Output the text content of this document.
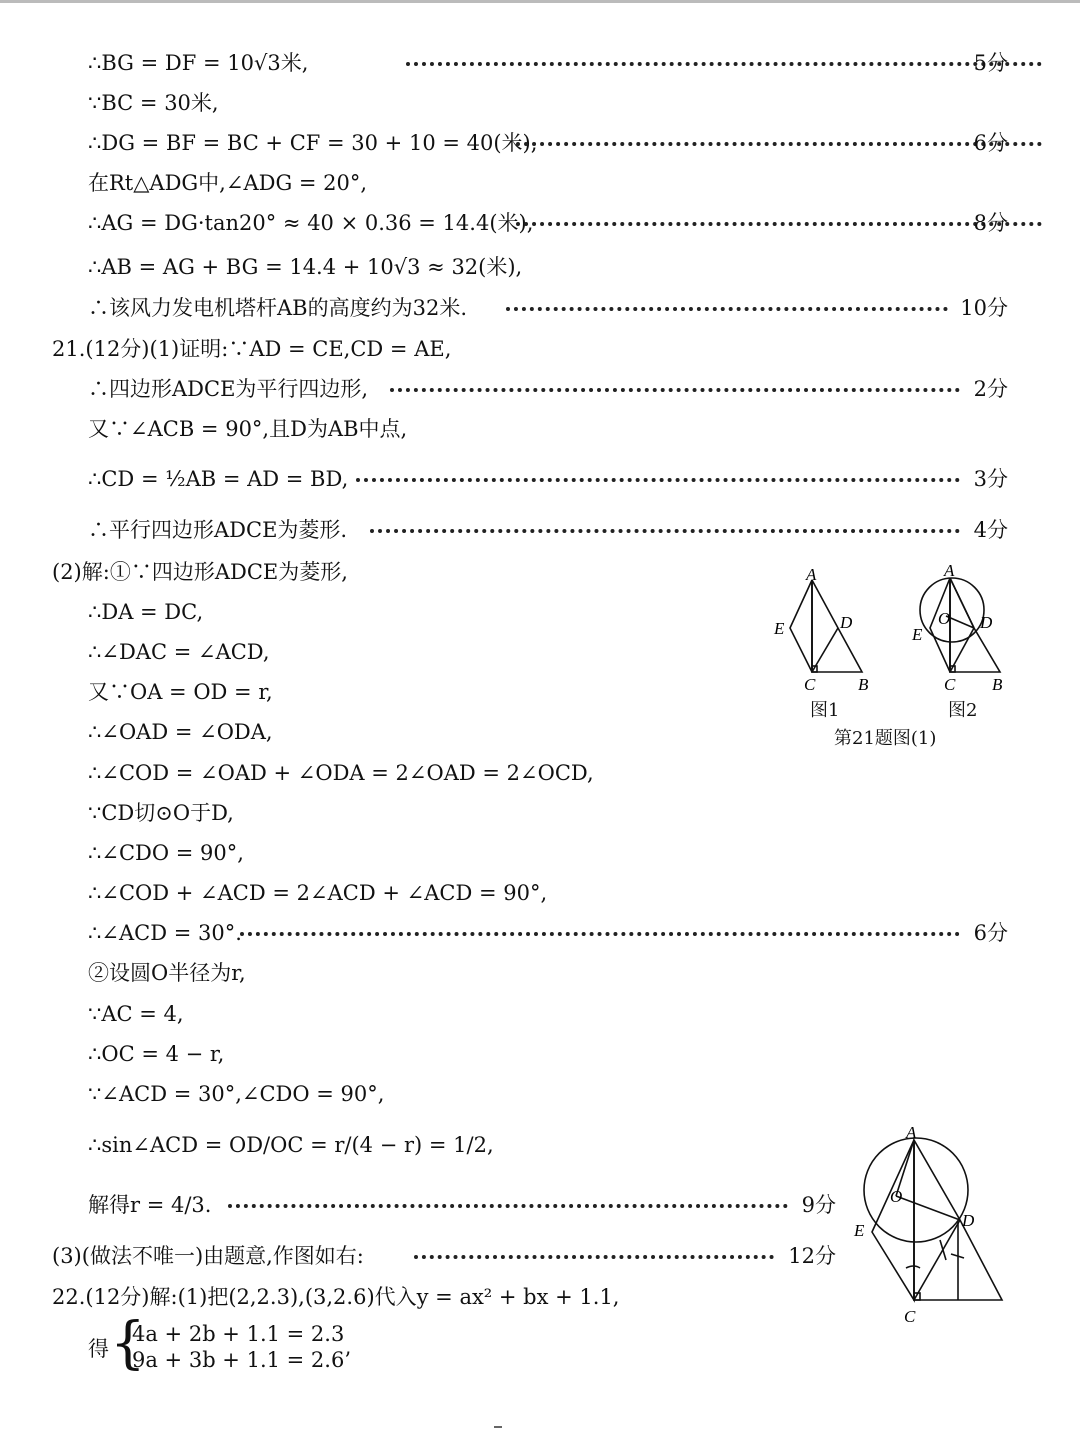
∴BG = DF = 10√3米,	5分
∵BC = 30米,
∴DG = BF = BC + CF = 30 + 10 = 40(米),	6分
在Rt△ADG中,∠ADG = 20°,
∴AG = DG·tan20° ≈ 40 × 0.36 = 14.4(米),	8分
∴AB = AG + BG = 14.4 + 10√3 ≈ 32(米),
∴该风力发电机塔杆AB的高度约为32米.	10分
21.(12分)(1)证明:∵AD = CE,CD = AE,
∴四边形ADCE为平行四边形,	2分
又∵∠ACB = 90°,且D为AB中点,
∴CD = ½AB = AD = BD,	3分
∴平行四边形ADCE为菱形.	4分
(2)解:①∵四边形ADCE为菱形,
∴DA = DC,
∴∠DAC = ∠ACD,
又∵OA = OD = r,
∴∠OAD = ∠ODA,
∴∠COD = ∠OAD + ∠ODA = 2∠OAD = 2∠OCD,
∵CD切⊙O于D,
∴∠CDO = 90°,
∴∠COD + ∠ACD = 2∠ACD + ∠ACD = 90°,
∴∠ACD = 30°.	6分
②设圆O半径为r,
∵AC = 4,
∴OC = 4 − r,
∵∠ACD = 30°,∠CDO = 90°,
∴sin∠ACD = OD/OC = r/(4 − r) = 1/2,
解得r = 4/3.	9分
(3)(做法不唯一)由题意,作图如右:	12分
22.(12分)解:(1)把(2,2.3),(3,2.6)代入y = ax² + bx + 1.1,
得 {
4a + 2b + 1.1 = 2.3
9a + 3b + 1.1 = 2.6’
A
E	D
C	B
A
E
O D
C B
图1	图2
第21题图(1)
A
O
D
E
C
